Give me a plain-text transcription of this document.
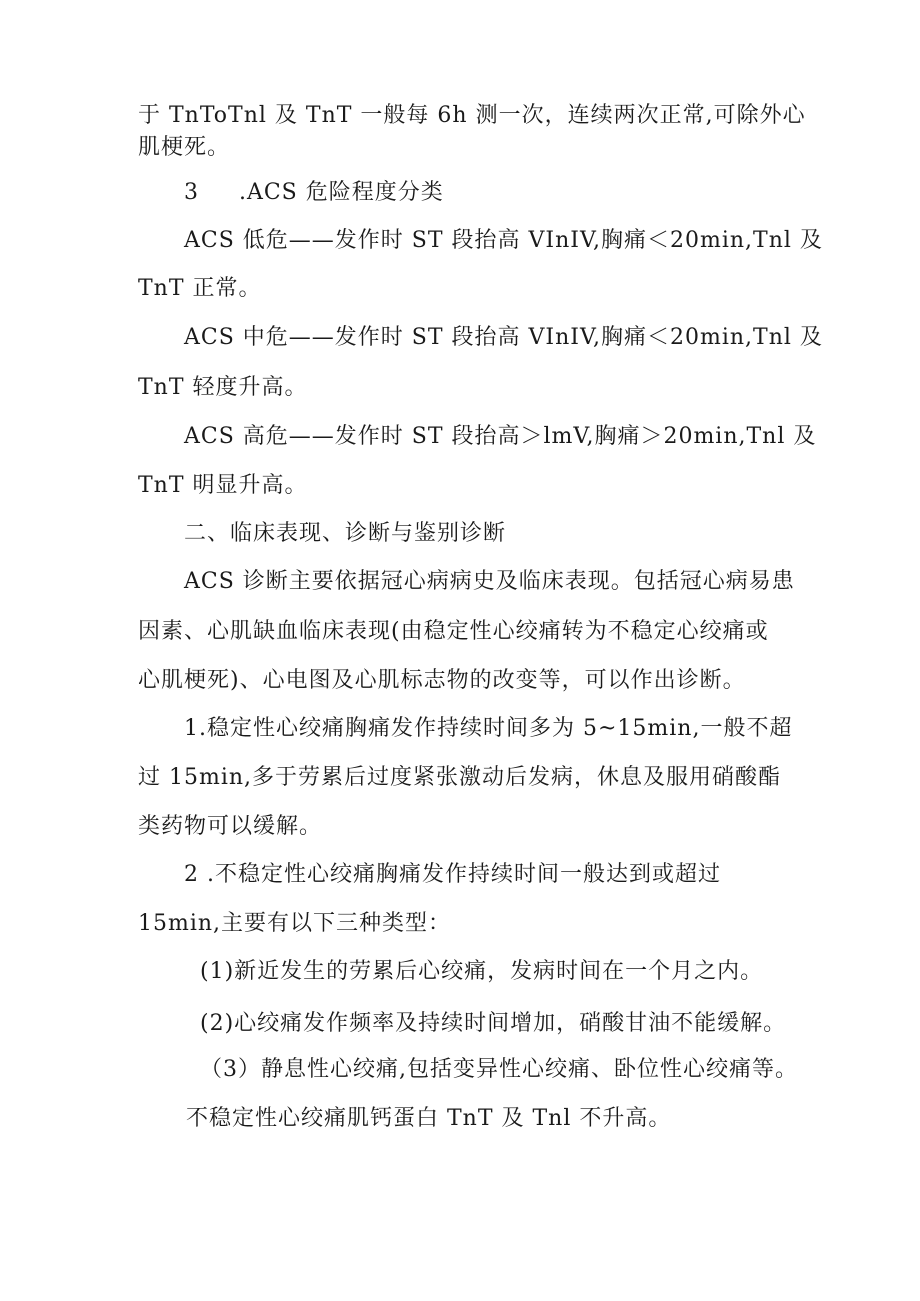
于 TnToTnl 及 TnT 一般每 6h 测一次，连续两次正常,可除外心
肌梗死。
3     .ACS 危险程度分类
ACS 低危——发作时 ST 段抬高 VInIV,胸痛＜20min,Tnl 及
TnT 正常。
ACS 中危——发作时 ST 段抬高 VInIV,胸痛＜20min,Tnl 及
TnT 轻度升高。
ACS 高危——发作时 ST 段抬高＞lmV,胸痛＞20min,Tnl 及
TnT 明显升高。
二、临床表现、诊断与鉴别诊断
ACS 诊断主要依据冠心病病史及临床表现。包括冠心病易患
因素、心肌缺血临床表现(由稳定性心绞痛转为不稳定心绞痛或
心肌梗死)、心电图及心肌标志物的改变等，可以作出诊断。
1.稳定性心绞痛胸痛发作持续时间多为 5~15min,一般不超
过 15min,多于劳累后过度紧张激动后发病，休息及服用硝酸酯
类药物可以缓解。
2 .不稳定性心绞痛胸痛发作持续时间一般达到或超过
15min,主要有以下三种类型：
(1)新近发生的劳累后心绞痛，发病时间在一个月之内。
(2)心绞痛发作频率及持续时间增加，硝酸甘油不能缓解。
（3）静息性心绞痛,包括变异性心绞痛、卧位性心绞痛等。
不稳定性心绞痛肌钙蛋白 TnT 及 Tnl 不升高。
